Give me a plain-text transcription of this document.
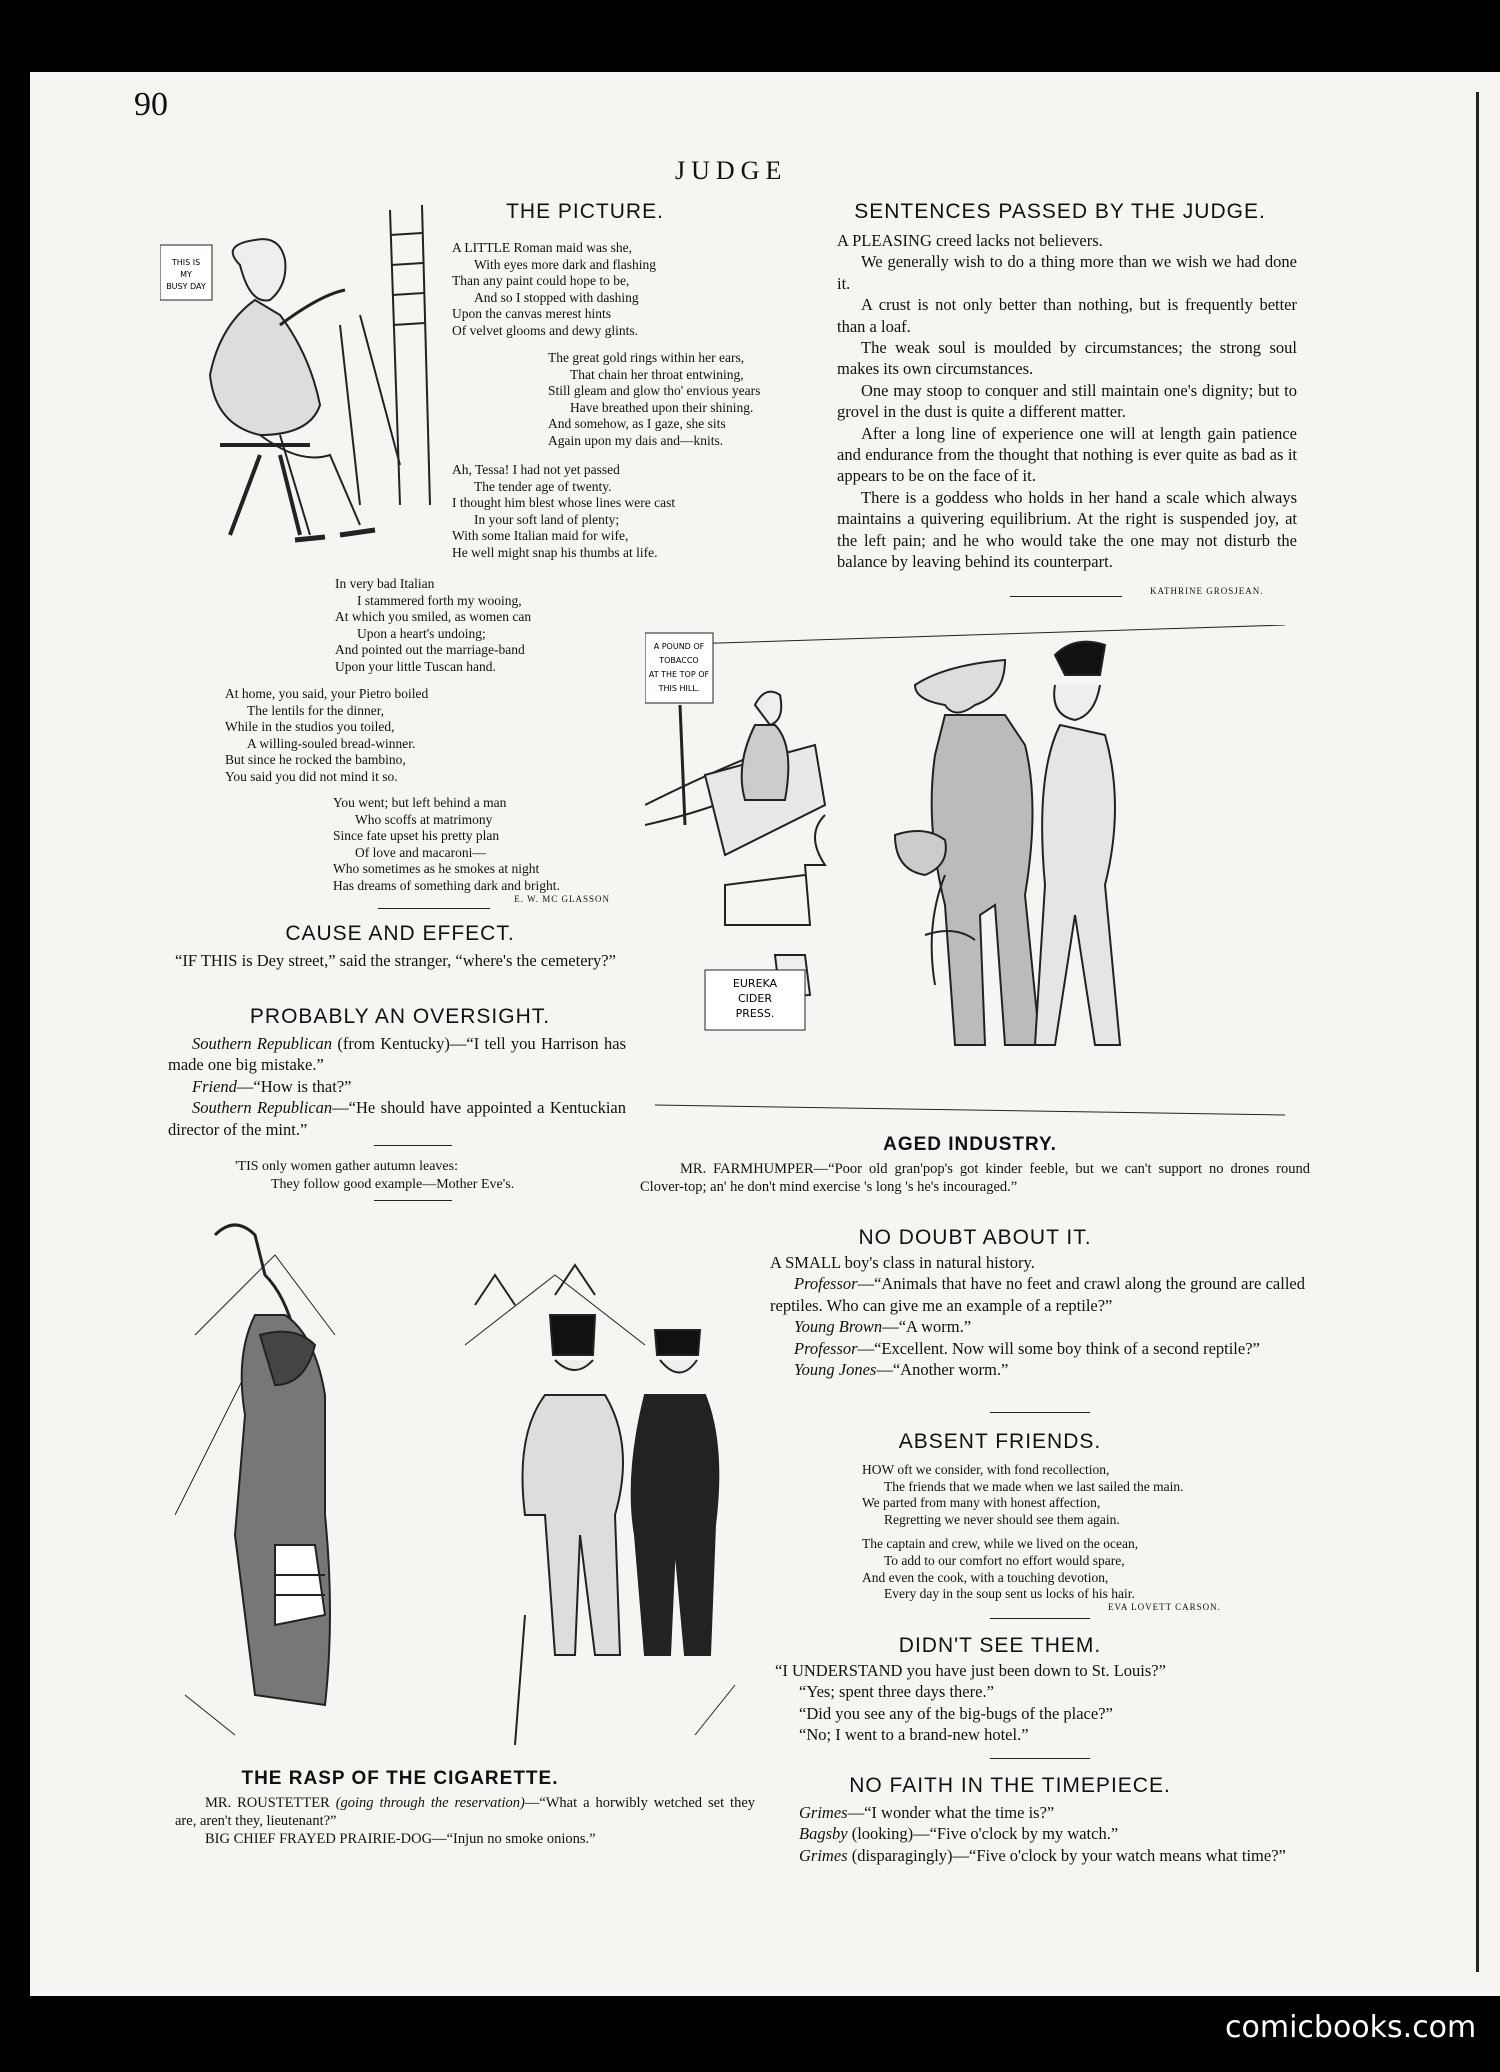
90
JUDGE
THIS IS
MY
BUSY DAY
THE PICTURE.

A LITTLE Roman maid was she,

With eyes more dark and flashing

Than any paint could hope to be,

And so I stopped with dashing

Upon the canvas merest hints

Of velvet glooms and dewy glints.

The great gold rings within her ears,

That chain her throat entwining,

Still gleam and glow tho' envious years

Have breathed upon their shining.

And somehow, as I gaze, she sits

Again upon my dais and—knits.

Ah, Tessa! I had not yet passed

The tender age of twenty.

I thought him blest whose lines were cast

In your soft land of plenty;

With some Italian maid for wife,

He well might snap his thumbs at life.

In very bad Italian

I stammered forth my wooing,

At which you smiled, as women can

Upon a heart's undoing;

And pointed out the marriage-band

Upon your little Tuscan hand.

At home, you said, your Pietro boiled

The lentils for the dinner,

While in the studios you toiled,

A willing-souled bread-winner.

But since he rocked the bambino,

You said you did not mind it so.

You went; but left behind a man

Who scoffs at matrimony

Since fate upset his pretty plan

Of love and macaroni—

Who sometimes as he smokes at night

Has dreams of something dark and bright.

E. W. MC GLASSON
CAUSE AND EFFECT.
“IF THIS is Dey street,” said the stranger, “where's the cemetery?”
PROBABLY AN OVERSIGHT.

Southern Republican (from Kentucky)—“I tell you Harrison has made one big mistake.”

Friend—“How is that?”

Southern Republican—“He should have appointed a Kentuckian director of the mint.”

'TIS only women gather autumn leaves:
They follow good example—Mother Eve's.
SENTENCES PASSED BY THE JUDGE.

A PLEASING creed lacks not believers.

We generally wish to do a thing more than we wish we had done it.

A crust is not only better than nothing, but is frequently better than a loaf.

The weak soul is moulded by circumstances; the strong soul makes its own circumstances.

One may stoop to conquer and still maintain one's dignity; but to grovel in the dust is quite a different matter.

After a long line of experience one will at length gain patience and endurance from the thought that nothing is ever quite as bad as it appears to be on the face of it.

There is a goddess who holds in her hand a scale which always maintains a quivering equilibrium. At the right is suspended joy, at the left pain; and he who would take the one may not disturb the balance by leaving behind its counterpart.

KATHRINE GROSJEAN.
A POUND OF
TOBACCO
AT THE TOP OF
THIS HILL.
EUREKA
CIDER
PRESS.
AGED INDUSTRY.
MR. FARMHUMPER—“Poor old gran'pop's got kinder feeble, but we can't support no drones round Clover-top; an' he don't mind exercise 's long 's he's incouraged.”
NO DOUBT ABOUT IT.

A SMALL boy's class in natural history.

Professor—“Animals that have no feet and crawl along the ground are called reptiles. Who can give me an example of a reptile?”

Young Brown—“A worm.”

Professor—“Excellent. Now will some boy think of a second reptile?”

Young Jones—“Another worm.”

ABSENT FRIENDS.

HOW oft we consider, with fond recollection,

The friends that we made when we last sailed the main.

We parted from many with honest affection,

Regretting we never should see them again.

The captain and crew, while we lived on the ocean,

To add to our comfort no effort would spare,

And even the cook, with a touching devotion,

Every day in the soup sent us locks of his hair.

EVA LOVETT CARSON.
DIDN'T SEE THEM.

“I UNDERSTAND you have just been down to St. Louis?”

“Yes; spent three days there.”

“Did you see any of the big-bugs of the place?”

“No; I went to a brand-new hotel.”

NO FAITH IN THE TIMEPIECE.

Grimes—“I wonder what the time is?”

Bagsby (looking)—“Five o'clock by my watch.”

Grimes (disparagingly)—“Five o'clock by your watch means what time?”

THE RASP OF THE CIGARETTE.
MR. ROUSTETTER (going through the reservation)—“What a horwibly wetched set they are, aren't they, lieutenant?”
BIG CHIEF FRAYED PRAIRIE-DOG—“Injun no smoke onions.”
comicbooks.com
